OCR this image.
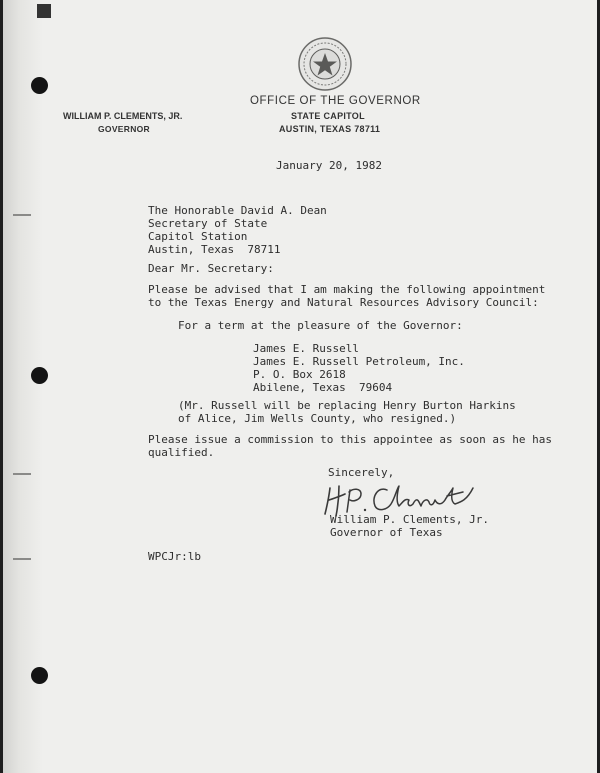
OFFICE OF THE GOVERNOR
STATE CAPITOL
AUSTIN, TEXAS 78711
WILLIAM P. CLEMENTS, JR.
GOVERNOR
January 20, 1982
The Honorable David A. Dean
Secretary of State
Capitol Station
Austin, Texas  78711
Dear Mr. Secretary:
Please be advised that I am making the following appointment
to the Texas Energy and Natural Resources Advisory Council:
For a term at the pleasure of the Governor:
James E. Russell
James E. Russell Petroleum, Inc.
P. O. Box 2618
Abilene, Texas  79604
(Mr. Russell will be replacing Henry Burton Harkins
of Alice, Jim Wells County, who resigned.)
Please issue a commission to this appointee as soon as he has
qualified.
Sincerely,
William P. Clements, Jr.
Governor of Texas
WPCJr:lb
